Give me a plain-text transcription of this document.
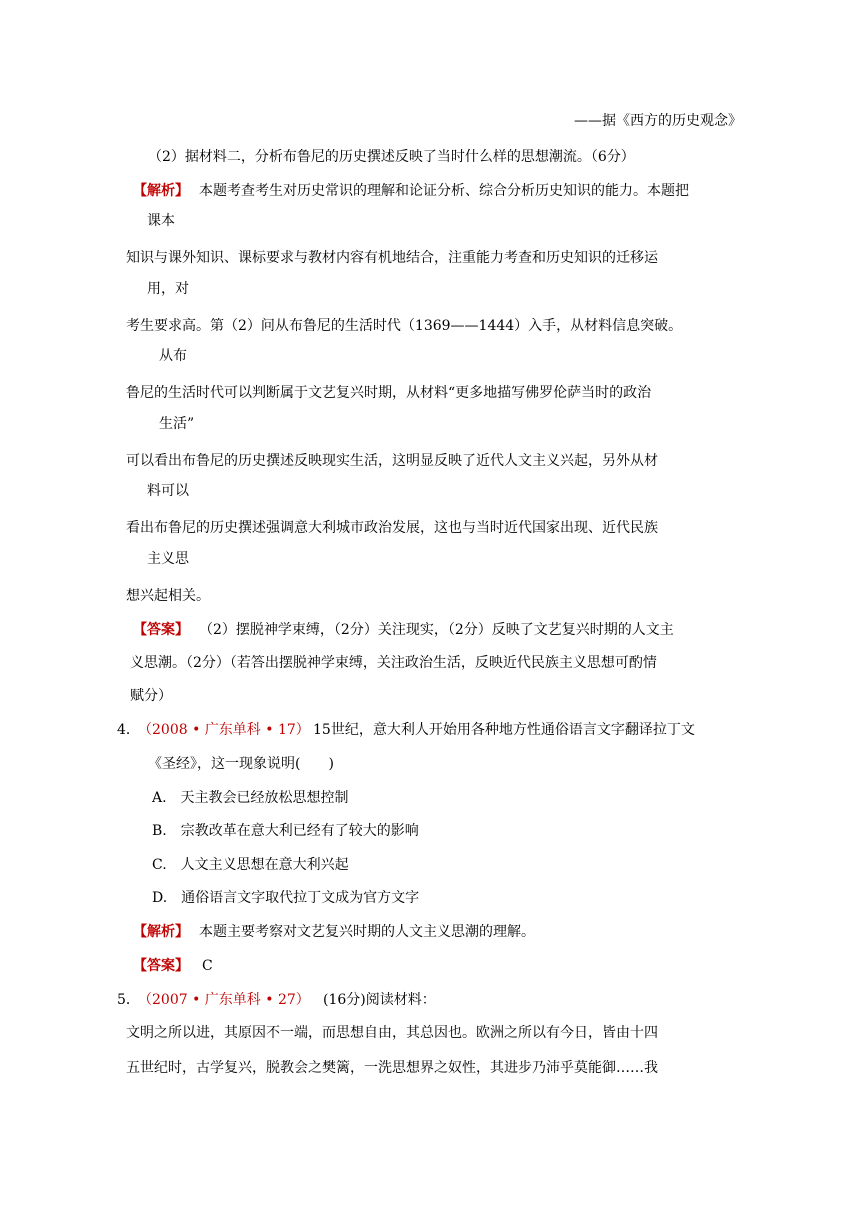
——据《西方的历史观念》
（2）据材料二，分析布鲁尼的历史撰述反映了当时什么样的思想潮流。（6分）
【解析】 本题考查考生对历史常识的理解和论证分析、综合分析历史知识的能力。本题把
课本
知识与课外知识、课标要求与教材内容有机地结合，注重能力考查和历史知识的迁移运
用，对
考生要求高。第（2）问从布鲁尼的生活时代（1369——1444）入手，从材料信息突破。
从布
鲁尼的生活时代可以判断属于文艺复兴时期，从材料“更多地描写佛罗伦萨当时的政治
生活”
可以看出布鲁尼的历史撰述反映现实生活，这明显反映了近代人文主义兴起，另外从材
料可以
看出布鲁尼的历史撰述强调意大利城市政治发展，这也与当时近代国家出现、近代民族
主义思
想兴起相关。
【答案】 （2）摆脱神学束缚，（2分）关注现实，（2分）反映了文艺复兴时期的人文主
义思潮。（2分）（若答出摆脱神学束缚，关注政治生活，反映近代民族主义思想可酌情
赋分）
4．
（2008 • 广东单科 • 17） 15世纪，意大利人开始用各种地方性通俗语言文字翻译拉丁文
《圣经》，这一现象说明(　　)
A.　天主教会已经放松思想控制
B.　宗教改革在意大利已经有了较大的影响
C.　人文主义思想在意大利兴起
D.　通俗语言文字取代拉丁文成为官方文字
【解析】 本题主要考察对文艺复兴时期的人文主义思潮的理解。
【答案】 C
5．
（2007 • 广东单科 • 27） (16分)阅读材料：
文明之所以进，其原因不一端，而思想自由，其总因也。欧洲之所以有今日，皆由十四
五世纪时，古学复兴，脱教会之樊篱，一洗思想界之奴性，其进步乃沛乎莫能御……我
